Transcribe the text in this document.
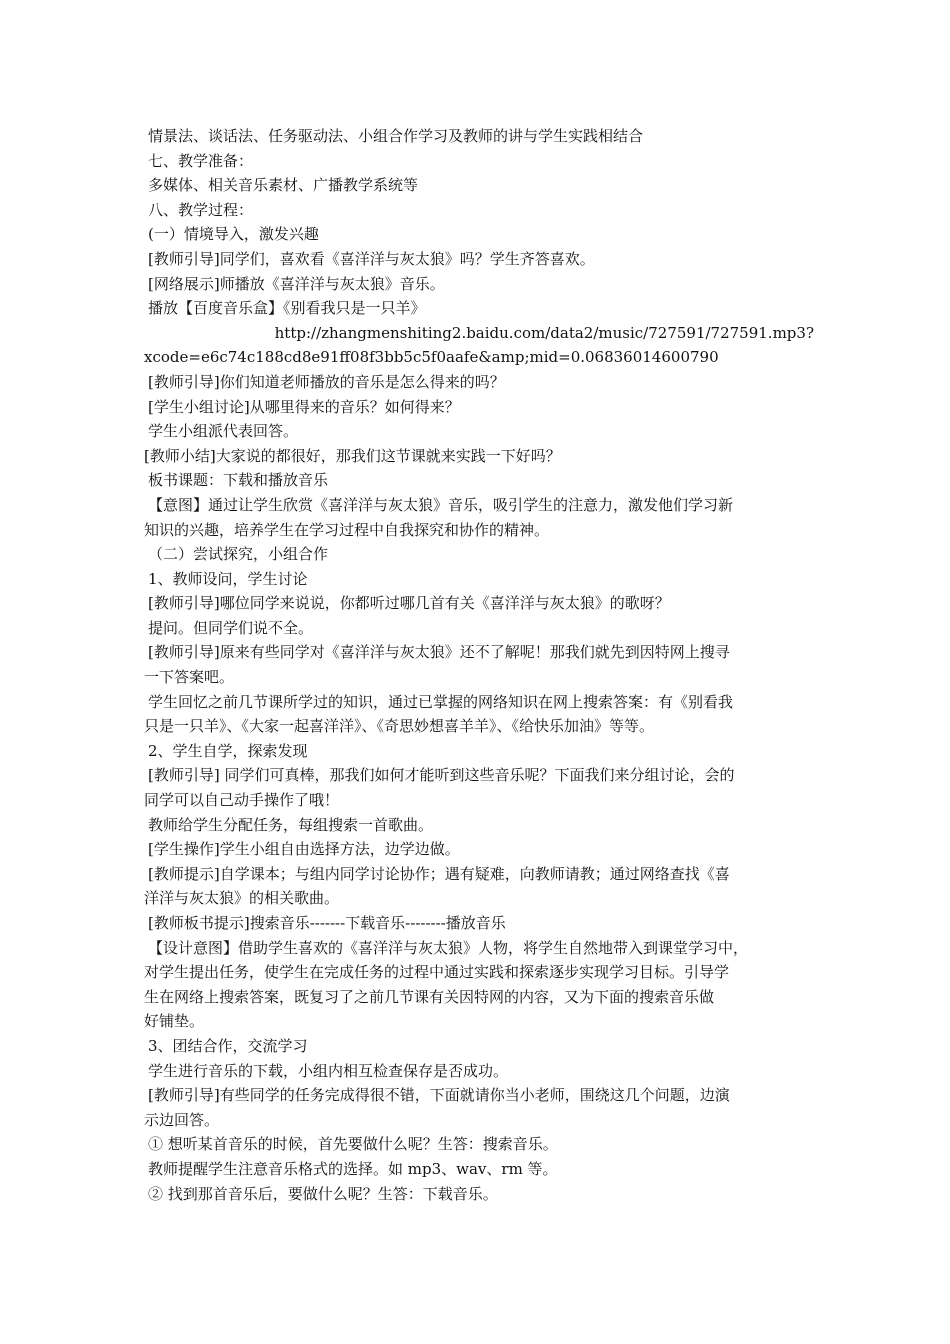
情景法、谈话法、任务驱动法、小组合作学习及教师的讲与学生实践相结合
七、教学准备：
多媒体、相关音乐素材、广播教学系统等
八、教学过程：
(一）情境导入，激发兴趣
[教师引导]同学们，喜欢看《喜洋洋与灰太狼》吗？学生齐答喜欢。
[网络展示]师播放《喜洋洋与灰太狼》音乐。
播放【百度音乐盒】《别看我只是一只羊》
http://zhangmenshiting2.baidu.com/data2/music/727591/727591.mp3?
xcode=e6c74c188cd8e91ff08f3bb5c5f0aafe&amp;mid=0.06836014600790
[教师引导]你们知道老师播放的音乐是怎么得来的吗？
[学生小组讨论]从哪里得来的音乐？如何得来？
学生小组派代表回答。
[教师小结]大家说的都很好，那我们这节课就来实践一下好吗？
板书课题：下载和播放音乐
【意图】通过让学生欣赏《喜洋洋与灰太狼》音乐，吸引学生的注意力，激发他们学习新
知识的兴趣，培养学生在学习过程中自我探究和协作的精神。
（二）尝试探究，小组合作
1、教师设问，学生讨论
[教师引导]哪位同学来说说，你都听过哪几首有关《喜洋洋与灰太狼》的歌呀？
提问。但同学们说不全。
[教师引导]原来有些同学对《喜洋洋与灰太狼》还不了解呢！那我们就先到因特网上搜寻
一下答案吧。
学生回忆之前几节课所学过的知识，通过已掌握的网络知识在网上搜索答案：有《别看我
只是一只羊》、《大家一起喜洋洋》、《奇思妙想喜羊羊》、《给快乐加油》等等。
2、学生自学，探索发现
[教师引导] 同学们可真棒，那我们如何才能听到这些音乐呢？下面我们来分组讨论，会的
同学可以自己动手操作了哦！
教师给学生分配任务，每组搜索一首歌曲。
[学生操作]学生小组自由选择方法，边学边做。
[教师提示]自学课本；与组内同学讨论协作；遇有疑难，向教师请教；通过网络查找《喜
洋洋与灰太狼》的相关歌曲。
[教师板书提示]搜索音乐-------下载音乐--------播放音乐
【设计意图】借助学生喜欢的《喜洋洋与灰太狼》人物，将学生自然地带入到课堂学习中，
对学生提出任务，使学生在完成任务的过程中通过实践和探索逐步实现学习目标。引导学
生在网络上搜索答案，既复习了之前几节课有关因特网的内容，又为下面的搜索音乐做
好铺垫。
3、团结合作，交流学习
学生进行音乐的下载，小组内相互检查保存是否成功。
[教师引导]有些同学的任务完成得很不错，下面就请你当小老师，围绕这几个问题，边演
示边回答。
① 想听某首音乐的时候，首先要做什么呢？生答：搜索音乐。
教师提醒学生注意音乐格式的选择。如 mp3、wav、rm 等。
② 找到那首音乐后，要做什么呢？生答：下载音乐。
